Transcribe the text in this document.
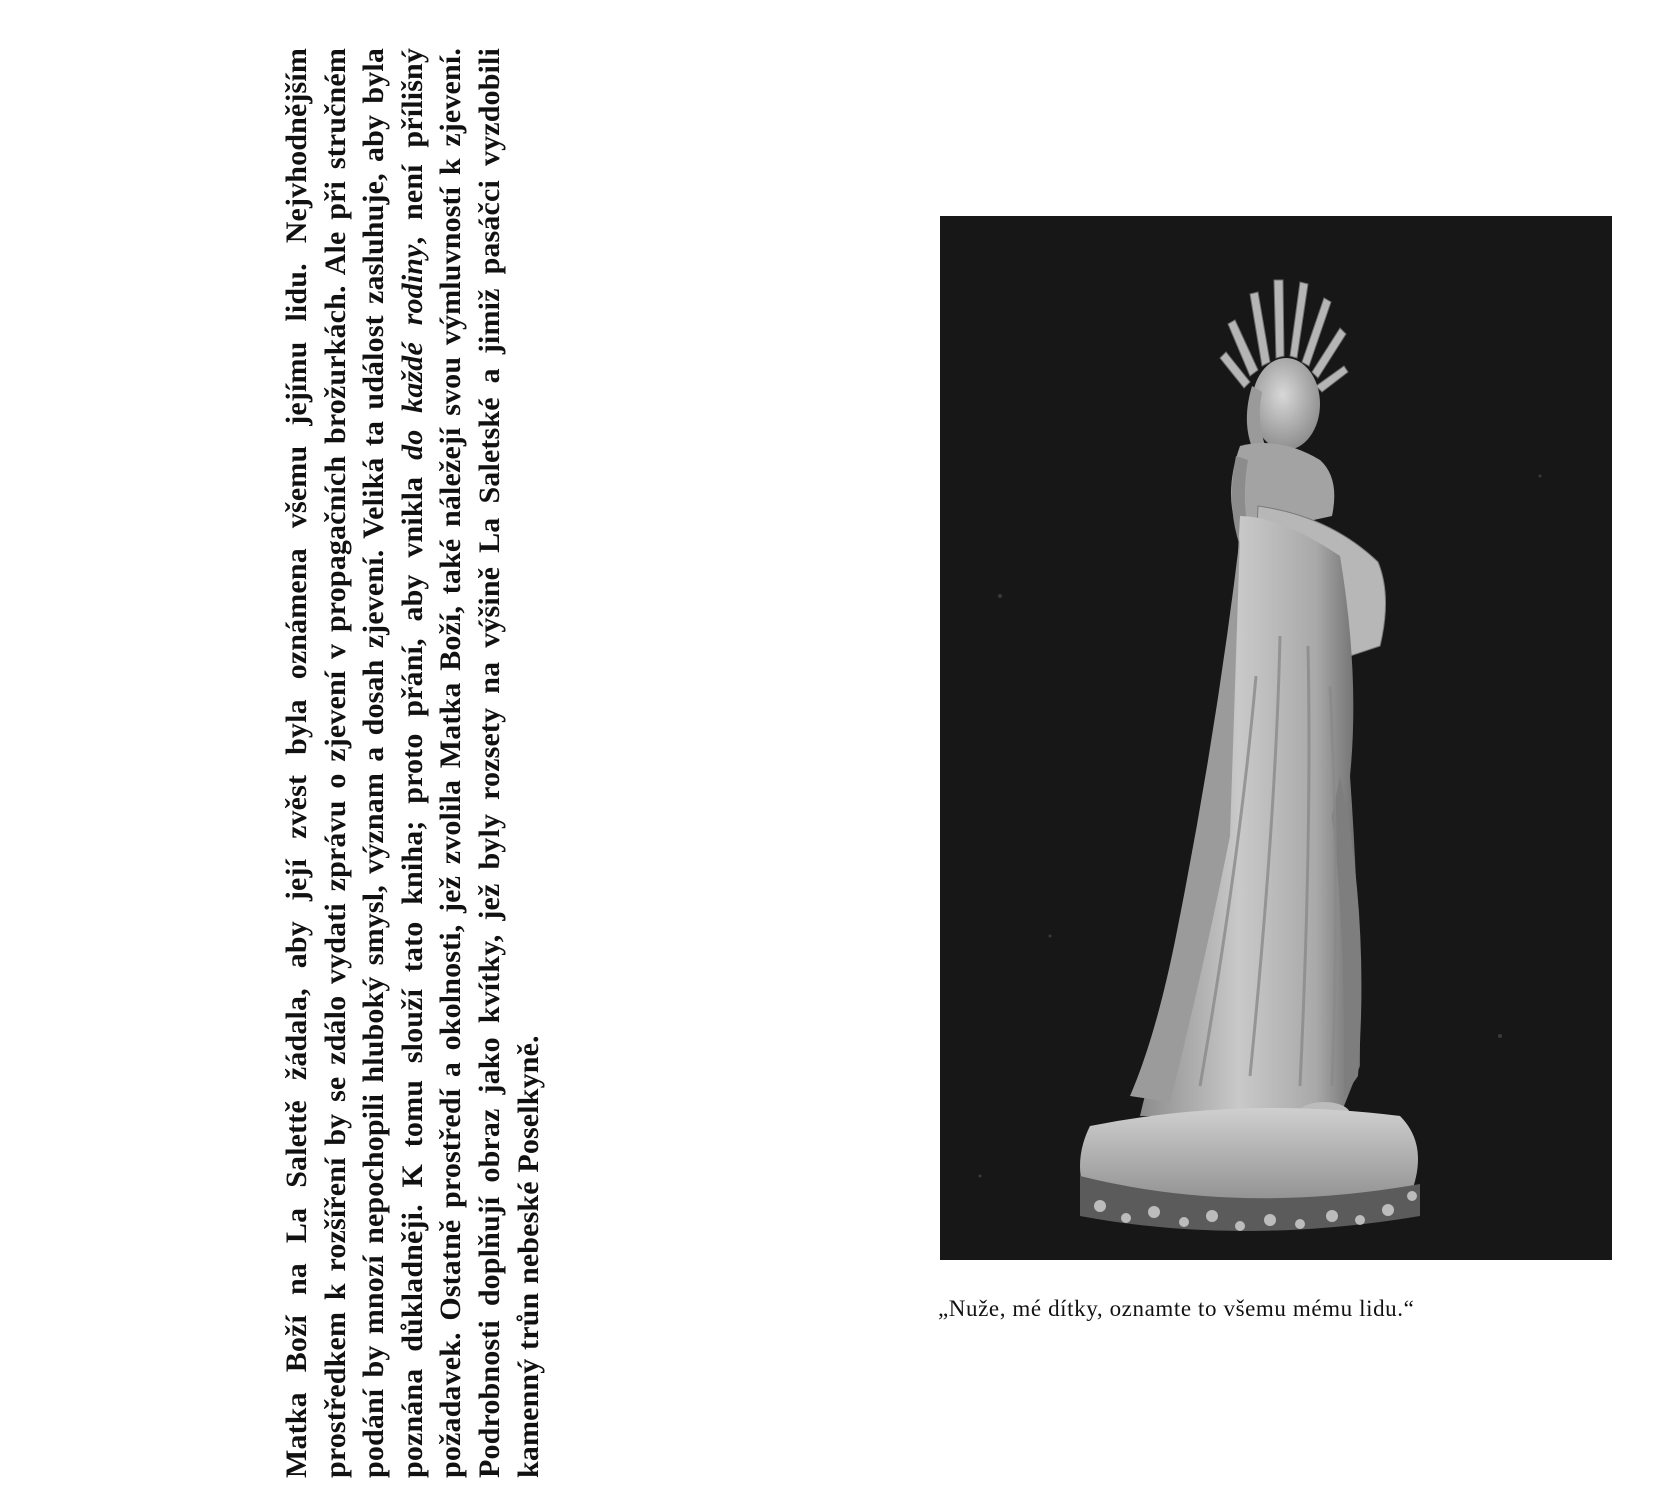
Matka Boží na La Salettě žádala, aby její zvěst byla oznámena všemu jejímu lidu. Nejvhodnějším prostředkem k rozšíření by se zdálo vydati zprávu o zjevení v propagačních brožurkách. Ale při stručném podání by mnozí nepochopili hluboký smysl, význam a dosah zjevení. Veliká ta událost zasluhuje, aby byla poznána důkladněji. K tomu slouží tato kniha; proto přání, aby vnikla do každé rodiny, není přílišný požadavek. Ostatně prostředí a okolnosti, jež zvolila Matka Boží, také náležejí svou výmluvností k zjevení. Podrobnosti doplňují obraz jako kvítky, jež byly rozsety na výšině La Saletské a jimiž pasáčci vyzdobili kamenný trůn nebeské Poselkyně.	„Nuže, mé dítky, oznamte to všemu mému lidu.“
